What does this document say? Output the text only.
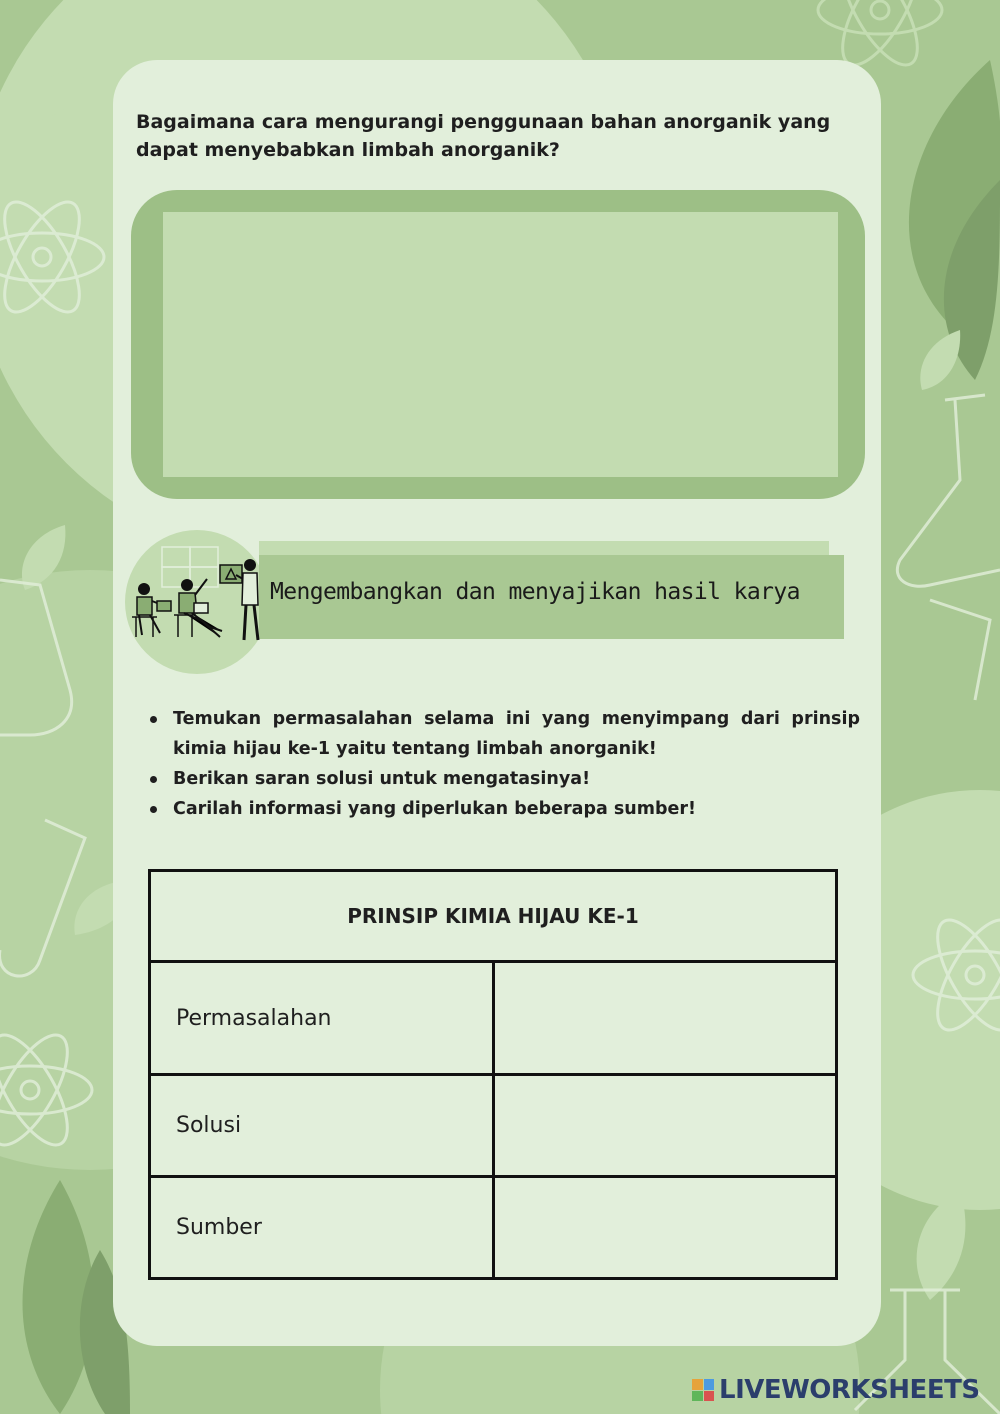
Bagaimana cara mengurangi penggunaan bahan anorganik yang dapat menyebabkan limbah anorganik?

Mengembangkan dan menyajikan hasil karya
Temukan permasalahan selama ini yang menyimpang dari prinsip kimia hijau ke-1 yaitu tentang limbah anorganik!
Berikan saran solusi untuk mengatasinya!
Carilah informasi yang diperlukan beberapa sumber!
PRINSIP KIMIA HIJAU KE-1	
Permasalahan	
Solusi	
Sumber	
LIVEWORKSHEETS
